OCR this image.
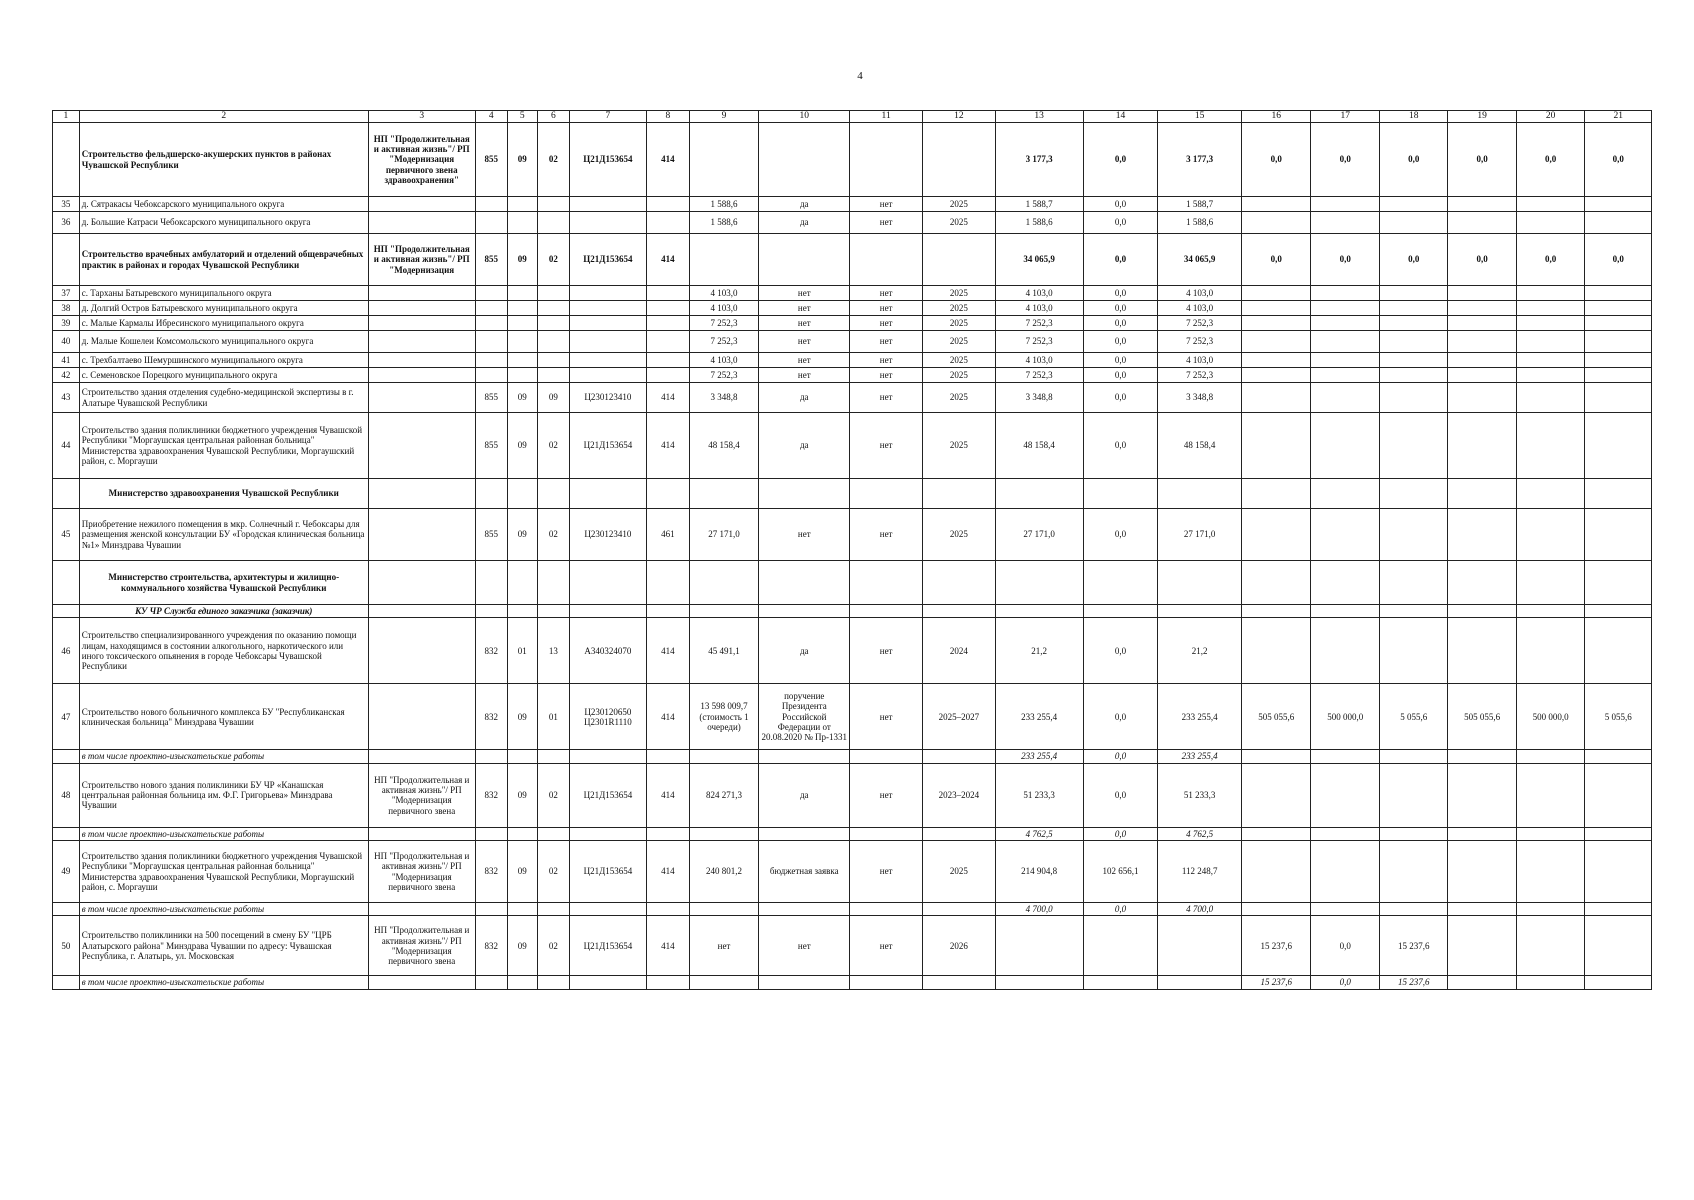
4
1	2	3	4	5	6	7	8	9	10	11	12	13	14	15	16	17	18	19	20	21
	Строительство фельдшерско-акушерских пунктов в районах Чувашской Республики	НП "Продолжительная и активная жизнь"/ РП "Модернизация первичного звена здравоохранения"	855	09	02	Ц21Д153654	414					3 177,3	0,0	3 177,3	0,0	0,0	0,0	0,0	0,0	0,0
35	д. Сятракасы Чебоксарского муниципального округа							1 588,6	да	нет	2025	1 588,7	0,0	1 588,7						
36	д. Большие Катраси Чебоксарского муниципального округа							1 588,6	да	нет	2025	1 588,6	0,0	1 588,6						
	Строительство врачебных амбулаторий и отделений общеврачебных практик в районах и городах Чувашской Республики	НП "Продолжительная и активная жизнь"/ РП "Модернизация	855	09	02	Ц21Д153654	414					34 065,9	0,0	34 065,9	0,0	0,0	0,0	0,0	0,0	0,0
37	с. Тарханы Батыревского муниципального округа							4 103,0	нет	нет	2025	4 103,0	0,0	4 103,0						
38	д. Долгий Остров Батыревского муниципального округа							4 103,0	нет	нет	2025	4 103,0	0,0	4 103,0						
39	с. Малые Кармалы Ибресинского муниципального округа							7 252,3	нет	нет	2025	7 252,3	0,0	7 252,3						
40	д. Малые Кошелеи Комсомольского муниципального округа							7 252,3	нет	нет	2025	7 252,3	0,0	7 252,3						
41	с. Трехбалтаево Шемуршинского муниципального округа							4 103,0	нет	нет	2025	4 103,0	0,0	4 103,0						
42	с. Семеновское Порецкого муниципального округа							7 252,3	нет	нет	2025	7 252,3	0,0	7 252,3						
43	Строительство здания отделения судебно-медицинской экспертизы в г. Алатыре Чувашской Республики		855	09	09	Ц230123410	414	3 348,8	да	нет	2025	3 348,8	0,0	3 348,8						
44	Строительство здания поликлиники бюджетного учреждения Чувашской Республики "Моргаушская центральная районная больница" Министерства здравоохранения Чувашской Республики, Моргаушский район, с. Моргауши		855	09	02	Ц21Д153654	414	48 158,4	да	нет	2025	48 158,4	0,0	48 158,4						
	Министерство здравоохранения Чувашской Республики																			
45	Приобретение нежилого помещения в мкр. Солнечный г. Чебоксары для размещения женской консультации БУ «Городская клиническая больница №1» Минздрава Чувашии		855	09	02	Ц230123410	461	27 171,0	нет	нет	2025	27 171,0	0,0	27 171,0						
	Министерство строительства, архитектуры и жилищно-коммунального хозяйства Чувашской Республики																			
	КУ ЧР Служба единого заказчика (заказчик)																			
46	Строительство специализированного учреждения по оказанию помощи лицам, находящимся в состоянии алкогольного, наркотического или иного токсического опьянения в городе Чебоксары Чувашской Республики		832	01	13	А340324070	414	45 491,1	да	нет	2024	21,2	0,0	21,2						
47	Строительство нового больничного комплекса БУ "Республиканская клиническая больница" Минздрава Чувашии		832	09	01	Ц230120650 Ц2301R1110	414	13 598 009,7 (стоимость 1 очереди)	поручение Президента Российской Федерации от 20.08.2020 № Пр-1331	нет	2025–2027	233 255,4	0,0	233 255,4	505 055,6	500 000,0	5 055,6	505 055,6	500 000,0	5 055,6
	в том числе проектно-изыскательские работы											233 255,4	0,0	233 255,4						
48	Строительство нового здания поликлиники БУ ЧР «Канашская центральная районная больница им. Ф.Г. Григорьева» Минздрава Чувашии	НП "Продолжительная и активная жизнь"/ РП "Модернизация первичного звена	832	09	02	Ц21Д153654	414	824 271,3	да	нет	2023–2024	51 233,3	0,0	51 233,3						
	в том числе проектно-изыскательские работы											4 762,5	0,0	4 762,5						
49	Строительство здания поликлиники бюджетного учреждения Чувашской Республики "Моргаушская центральная районная больница" Министерства здравоохранения Чувашской Республики, Моргаушский район, с. Моргауши	НП "Продолжительная и активная жизнь"/ РП "Модернизация первичного звена	832	09	02	Ц21Д153654	414	240 801,2	бюджетная заявка	нет	2025	214 904,8	102 656,1	112 248,7						
	в том числе проектно-изыскательские работы											4 700,0	0,0	4 700,0						
50	Строительство поликлиники на 500 посещений в смену БУ "ЦРБ Алатырского района" Минздрава Чувашии по адресу: Чувашская Республика, г. Алатырь, ул. Московская	НП "Продолжительная и активная жизнь"/ РП "Модернизация первичного звена	832	09	02	Ц21Д153654	414	нет	нет	нет	2026				15 237,6	0,0	15 237,6			
	в том числе проектно-изыскательские работы														15 237,6	0,0	15 237,6			
